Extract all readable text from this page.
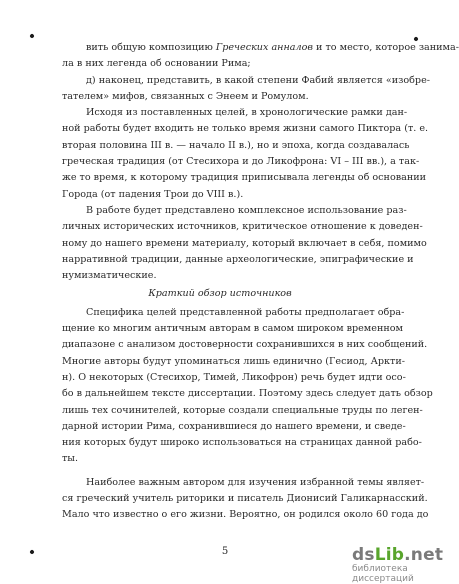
вить общую композицию Греческих анналов и то место, которое занима-
ла в них легенда об основании Рима;
д) наконец, представить, в какой степени Фабий является «изобре-
тателем» мифов, связанных с Энеем и Ромулом.
Исходя из поставленных целей, в хронологические рамки дан-
ной работы будет входить не только время жизни самого Пиктора (т. е.
вторая половина III в. — начало II в.), но и эпоха, когда создавалась
греческая традиция (от Стесихора и до Ликофрона: VI – III вв.), а так-
же то время, к которому традиция приписывала легенды об основании
Города (от падения Трои до VIII в.).
В работе будет представлено комплексное использование раз-
личных исторических источников, критическое отношение к доведен-
ному до нашего времени материалу, который включает в себя, помимо
нарративной традиции, данные археологические, эпиграфические и
нумизматические.
Краткий обзор источников
Специфика целей представленной работы предполагает обра-
щение ко многим античным авторам в самом широком временном
диапазоне с анализом достоверности сохранившихся в них сообщений.
Многие авторы будут упоминаться лишь единично (Гесиод, Аркти-
н). О некоторых (Стесихор, Тимей, Ликофрон) речь будет идти осо-
бо в дальнейшем тексте диссертации. Поэтому здесь следует дать обзор
лишь тех сочинителей, которые создали специальные труды по леген-
дарной истории Рима, сохранившиеся до нашего времени, и сведе-
ния которых будут широко использоваться на страницах данной рабо-
ты.
Наиболее важным автором для изучения избранной темы являет-
ся греческий учитель риторики и писатель Дионисий Галикарнасский.
Мало что известно о его жизни. Вероятно, он родился около 60 года до
5	dsLib.net
библиотека диссертаций
